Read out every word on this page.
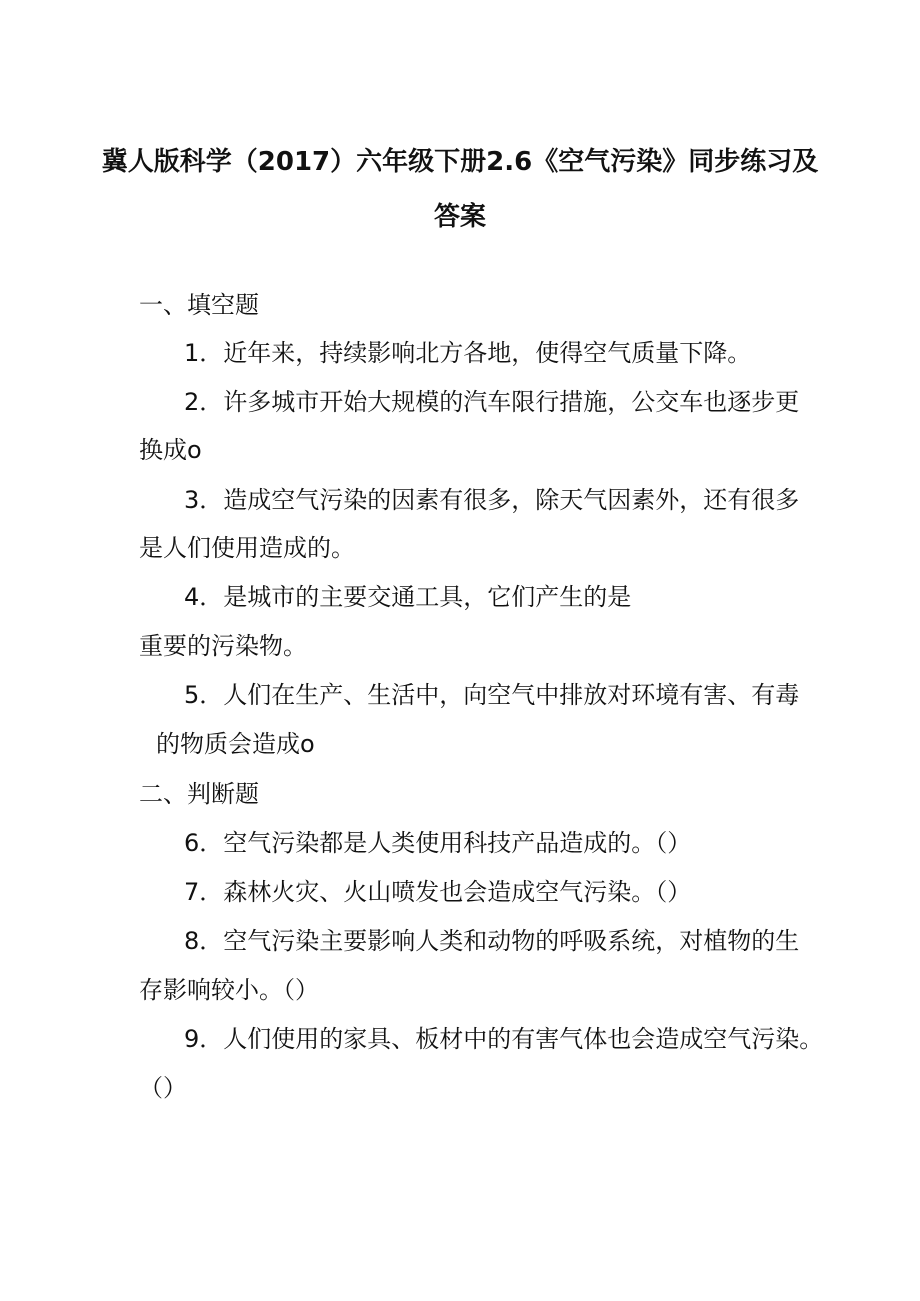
冀人版科学（2017）六年级下册2.6《空气污染》同步练习及
答案
一、填空题
1．近年来，持续影响北方各地，使得空气质量下降。
2．许多城市开始大规模的汽车限行措施，公交车也逐步更
换成o
3．造成空气污染的因素有很多，除天气因素外，还有很多
是人们使用造成的。
4．是城市的主要交通工具，它们产生的是
重要的污染物。
5．人们在生产、生活中，向空气中排放对环境有害、有毒
的物质会造成o
二、判断题
6．空气污染都是人类使用科技产品造成的。（）
7．森林火灾、火山喷发也会造成空气污染。（）
8．空气污染主要影响人类和动物的呼吸系统，对植物的生
存影响较小。（）
9．人们使用的家具、板材中的有害气体也会造成空气污染。
（）
